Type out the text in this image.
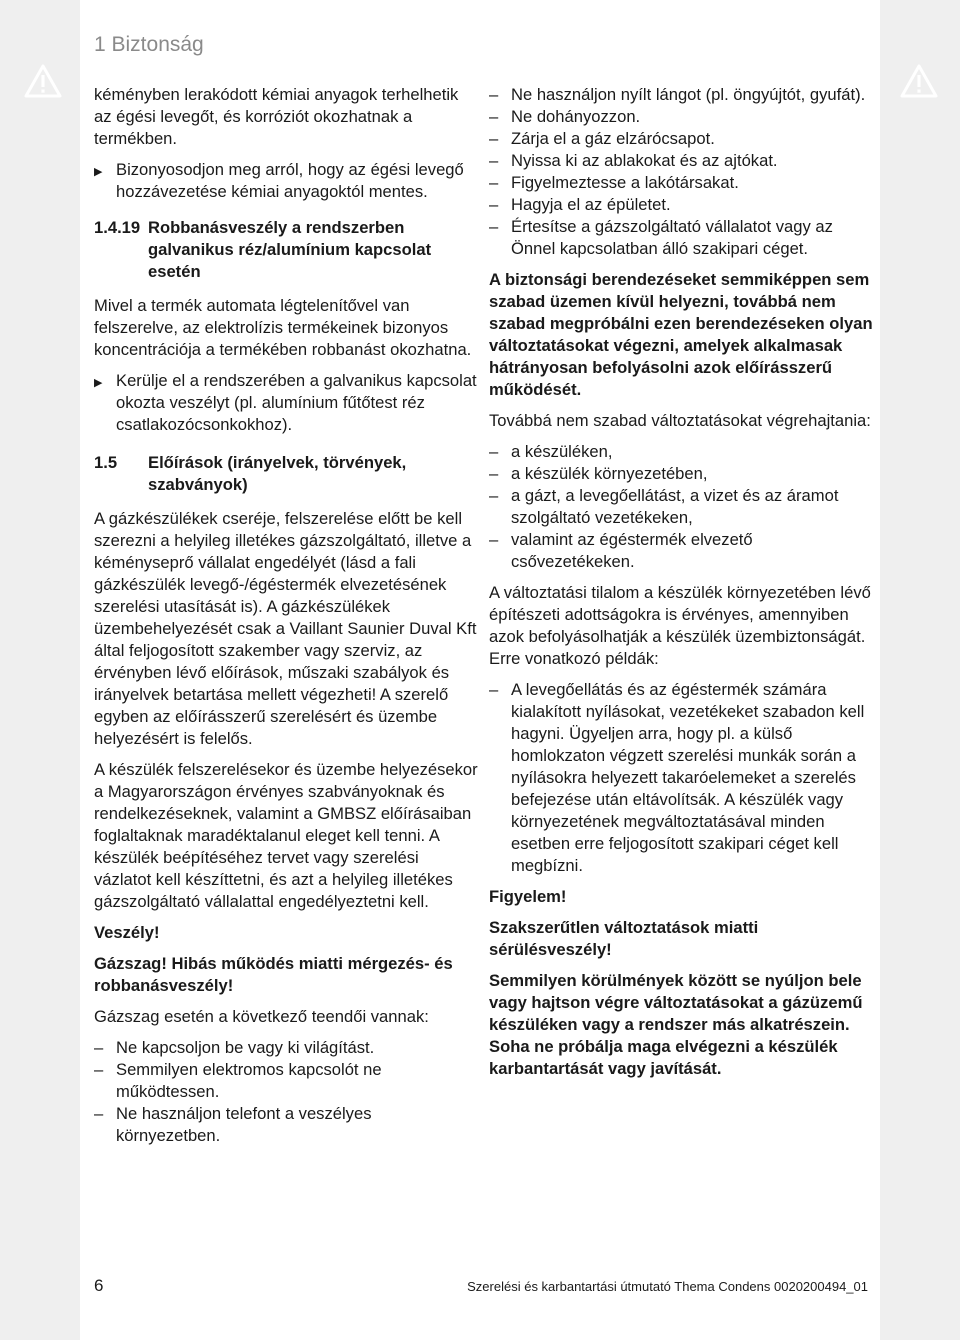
1 Biztonság

kéményben lerakódott kémiai anyagok terhelhetik az égési levegőt, és korróziót okozhatnak a termékben.

▶ Bizonyosodjon meg arról, hogy az égési levegő hozzávezetése kémiai anyagoktól mentes.
1.4.19 Robbanásveszély a rendszerben galvanikus réz/alumínium kapcsolat esetén

Mivel a termék automata légtelenítővel van felszerelve, az elektrolízis termékeinek bizonyos koncentrációja a termékében robbanást okozhatna.

▶ Kerülje el a rendszerében a galvanikus kapcsolat okozta veszélyt (pl. alumínium fűtőtest réz csatlakozócsonkokhoz).
1.5	Előírások (irányelvek, törvények, szabványok)

A gázkészülékek cseréje, felszerelése előtt be kell szerezni a helyileg illetékes gázszolgáltató, illetve a kéményseprő vállalat engedélyét (lásd a fali gázkészülék levegő-/égéstermék elvezetésének szerelési utasítását is). A gázkészülékek üzembehelyezését csak a Vaillant Saunier Duval Kft által feljogosított szakember vagy szerviz, az érvényben lévő előírások, műszaki szabályok és irányelvek betartása mellett végezheti! A szerelő egyben az előírásszerű szerelésért és üzembe helyezésért is felelős.

A készülék felszerelésekor és üzembe helyezésekor a Magyarországon érvényes szabványoknak és rendelkezéseknek, valamint a GMBSZ előírásaiban foglaltaknak maradéktalanul eleget kell tenni. A készülék beépítéséhez tervet vagy szerelési vázlatot kell készíttetni, és azt a helyileg illetékes gázszolgáltató vállalattal engedélyeztetni kell.

Veszély!

Gázszag! Hibás működés miatti mérgezés- és robbanásveszély!

Gázszag esetén a következő teendői vannak:

– Ne kapcsoljon be vagy ki világítást.
– Semmilyen elektromos kapcsolót ne működtessen.
– Ne használjon telefont a veszélyes környezetben.
– Ne használjon nyílt lángot (pl. öngyújtót, gyufát).
– Ne dohányozzon.
– Zárja el a gáz elzárócsapot.
– Nyissa ki az ablakokat és az ajtókat.
– Figyelmeztesse a lakótársakat.
– Hagyja el az épületet.
– Értesítse a gázszolgáltató vállalatot vagy az Önnel kapcsolatban álló szakipari céget.

A biztonsági berendezéseket semmiképpen sem szabad üzemen kívül helyezni, továbbá nem szabad megpróbálni ezen berendezéseken olyan változtatásokat végezni, amelyek alkalmasak hátrányosan befolyásolni azok előírásszerű működését.

Továbbá nem szabad változtatásokat végrehajtania:

– a készüléken,
– a készülék környezetében,
– a gázt, a levegőellátást, a vizet és az áramot szolgáltató vezetékeken,
– valamint az égéstermék elvezető csővezetékeken.

A változtatási tilalom a készülék környezetében lévő építészeti adottságokra is érvényes, amennyiben azok befolyásolhatják a készülék üzembiztonságát. Erre vonatkozó példák:

– A levegőellátás és az égéstermék számára kialakított nyílásokat, vezetékeket szabadon kell hagyni. Ügyeljen arra, hogy pl. a külső homlokzaton végzett szerelési munkák során a nyílásokra helyezett takaróelemeket a szerelés befejezése után eltávolítsák. A készülék vagy környezetének megváltoztatásával minden esetben erre feljogosított szakipari céget kell megbízni.

Figyelem!

Szakszerűtlen változtatások miatti sérülésveszély!

Semmilyen körülmények között se nyúljon bele vagy hajtson végre változtatásokat a gázüzemű készüléken vagy a rendszer más alkatrészein. Soha ne próbálja maga elvégezni a készülék karbantartását vagy javítását.

6	Szerelési és karbantartási útmutató Thema Condens 0020200494_01
